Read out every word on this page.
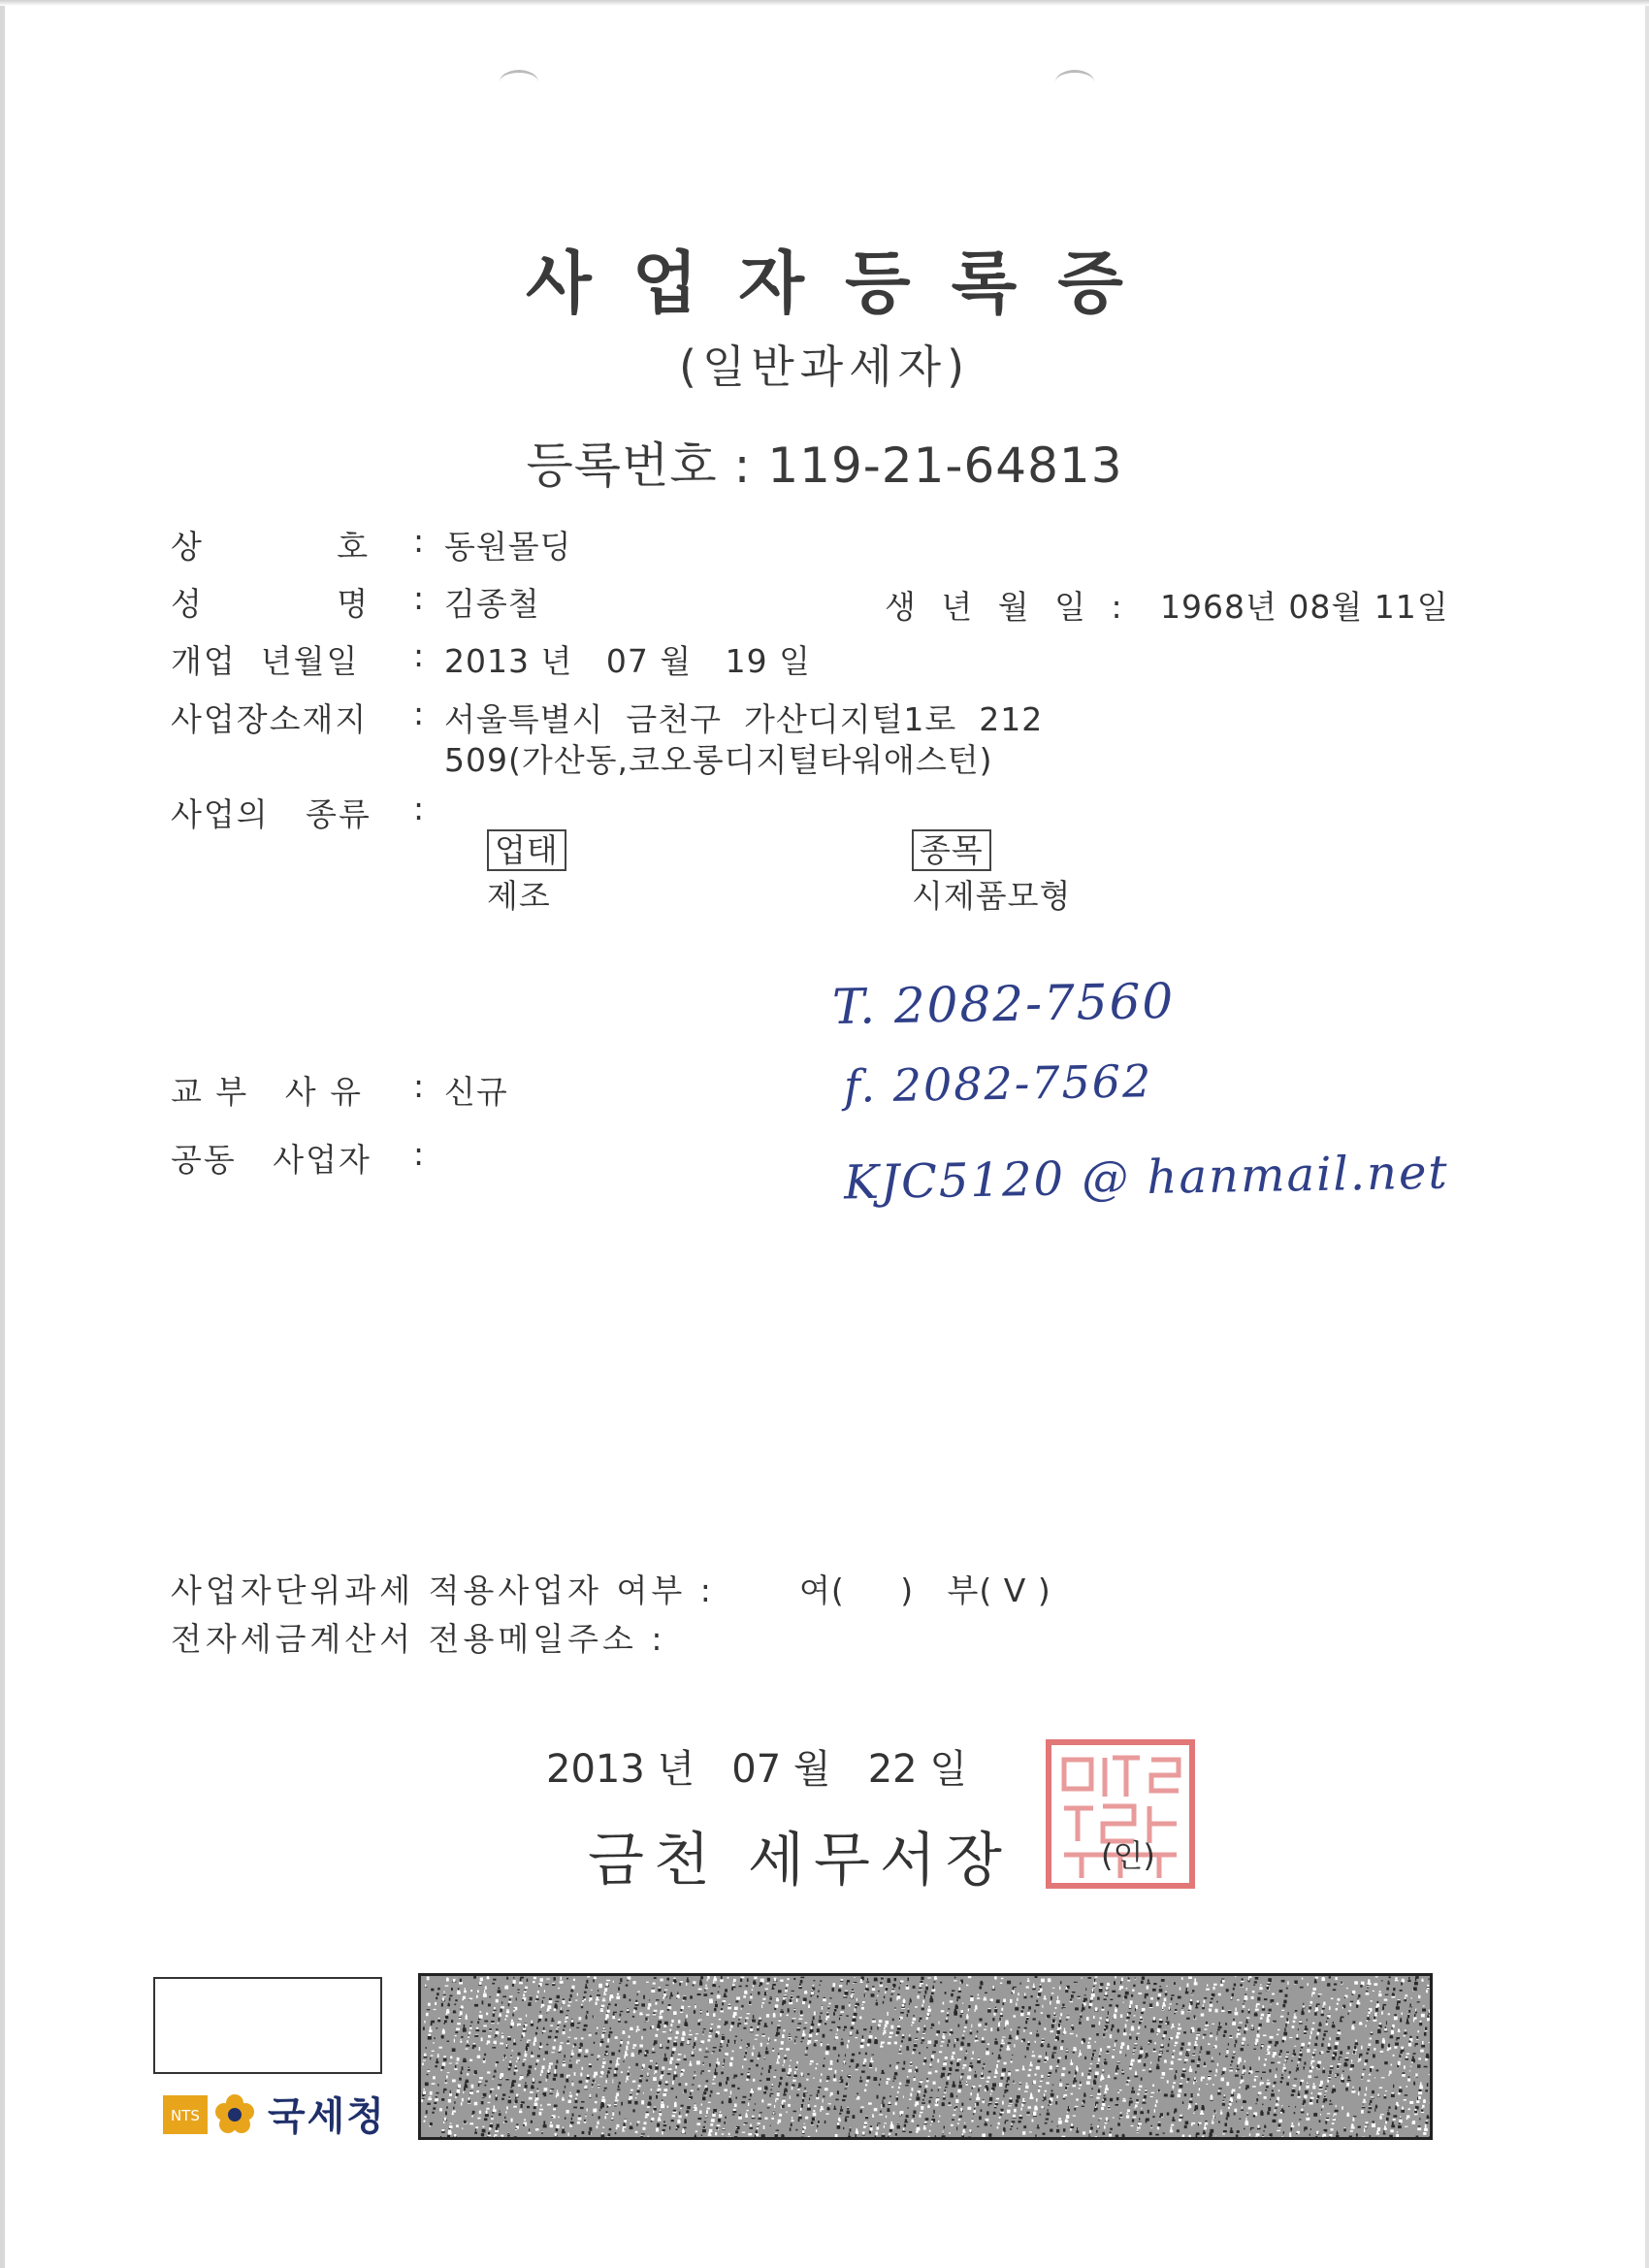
사업자등록증
(일반과세자)
등록번호 : 119-21-64813
상           호 : 동원몰딩
성           명 : 김종철	생 년 월 일 : 1968년 08월 11일
개업  년월일 : 2013 년   07 월   19 일
사업장소재지 : 서울특별시  금천구  가산디지털1로  212
509(가산동,코오롱디지털타워애스턴)
사업의   종류 :

업태
제조

종목
시제품모형

교 부   사 유 : 신규
공동   사업자 :
T. 2082-7560
f. 2082-7562
KJC5120 @ hanmail.net
사업자단위과세 적용사업자 여부 :	여(     )   부( V )
전자세금계산서 전용메일주소 :
2013 년   07 월   22 일
금천 세무서장	(인)
NTS 국세청
